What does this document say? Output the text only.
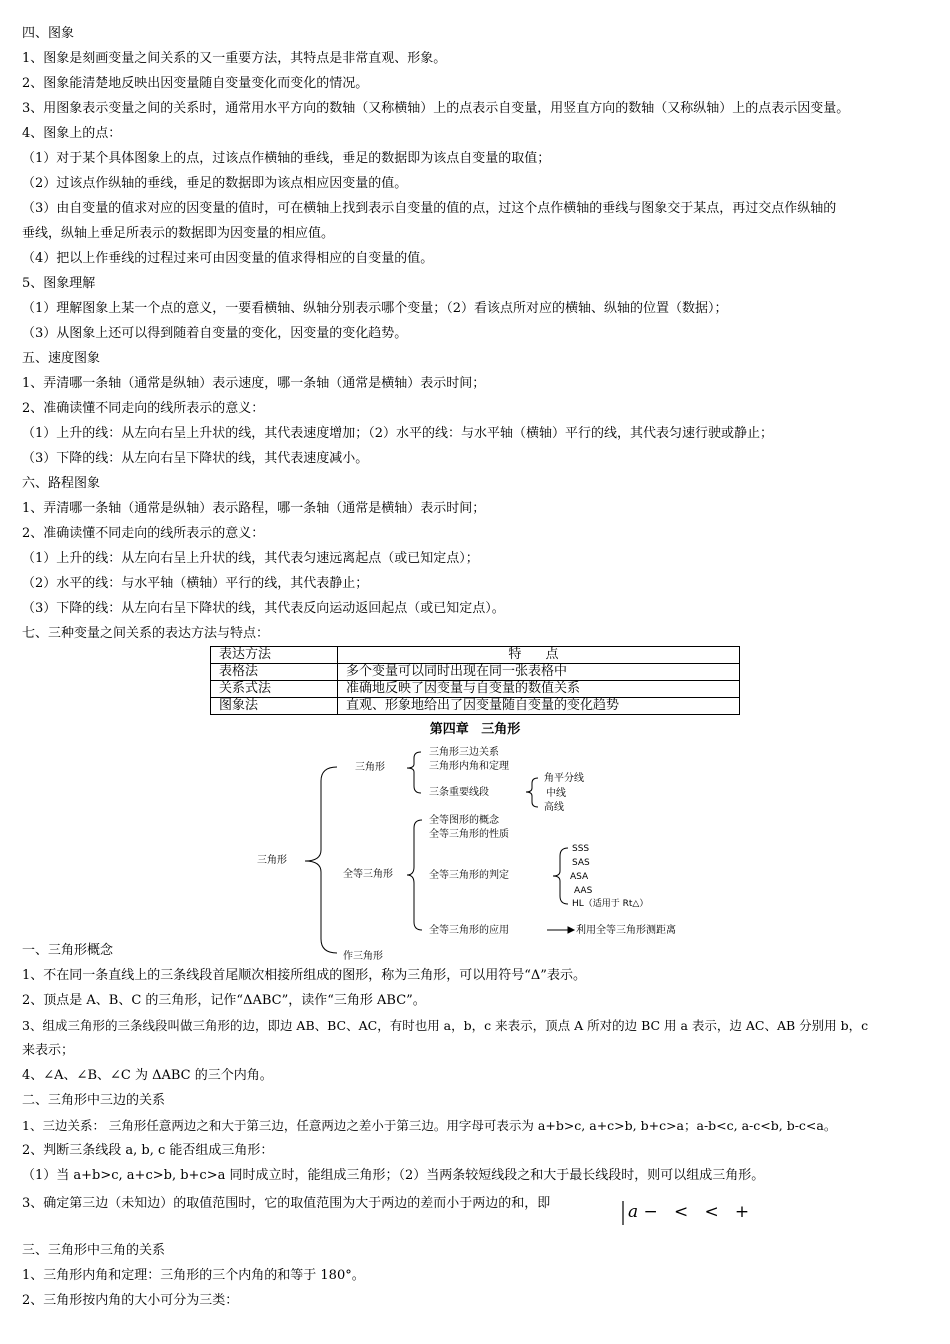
四、图象
1、图象是刻画变量之间关系的又一重要方法，其特点是非常直观、形象。
2、图象能清楚地反映出因变量随自变量变化而变化的情况。
3、用图象表示变量之间的关系时，通常用水平方向的数轴（又称横轴）上的点表示自变量，用竖直方向的数轴（又称纵轴）上的点表示因变量。
4、图象上的点：
（1）对于某个具体图象上的点，过该点作横轴的垂线，垂足的数据即为该点自变量的取值；
（2）过该点作纵轴的垂线，垂足的数据即为该点相应因变量的值。
（3）由自变量的值求对应的因变量的值时，可在横轴上找到表示自变量的值的点，过这个点作横轴的垂线与图象交于某点，再过交点作纵轴的
垂线，纵轴上垂足所表示的数据即为因变量的相应值。
（4）把以上作垂线的过程过来可由因变量的值求得相应的自变量的值。
5、图象理解
（1）理解图象上某一个点的意义，一要看横轴、纵轴分别表示哪个变量；（2）看该点所对应的横轴、纵轴的位置（数据）；
（3）从图象上还可以得到随着自变量的变化，因变量的变化趋势。
五、速度图象
1、弄清哪一条轴（通常是纵轴）表示速度，哪一条轴（通常是横轴）表示时间；
2、准确读懂不同走向的线所表示的意义：
（1）上升的线：从左向右呈上升状的线，其代表速度增加；（2）水平的线：与水平轴（横轴）平行的线，其代表匀速行驶或静止；
（3）下降的线：从左向右呈下降状的线，其代表速度减小。
六、路程图象
1、弄清哪一条轴（通常是纵轴）表示路程，哪一条轴（通常是横轴）表示时间；
2、准确读懂不同走向的线所表示的意义：
（1）上升的线：从左向右呈上升状的线，其代表匀速远离起点（或已知定点）；
（2）水平的线：与水平轴（横轴）平行的线，其代表静止；
（3）下降的线：从左向右呈下降状的线，其代表反向运动返回起点（或已知定点）。
七、三种变量之间关系的表达方法与特点：
表达方法	特 点
表格法	多个变量可以同时出现在同一张表格中
关系式法	准确地反映了因变量与自变量的数值关系
图象法	直观、形象地给出了因变量随自变量的变化趋势
第四章 三角形
三角形
三角形
三角形三边关系
三角形内角和定理
三条重要线段
角平分线
中线
高线
全等三角形
全等图形的概念
全等三角形的性质
全等三角形的判定
SSS
SAS
ASA
AAS
HL（适用于 Rt△）
全等三角形的应用	利用全等三角形测距离
作三角形
一、三角形概念
1、不在同一条直线上的三条线段首尾顺次相接所组成的图形，称为三角形，可以用符号“Δ”表示。
2、顶点是 A、B、C 的三角形，记作“ΔABC”，读作“三角形 ABC”。
3、组成三角形的三条线段叫做三角形的边，即边 AB、BC、AC，有时也用 a，b，c 来表示，顶点 A 所对的边 BC 用 a 表示，边 AC、AB 分别用 b，c
来表示；
4、∠A、∠B、∠C 为 ΔABC 的三个内角。
二、三角形中三边的关系
1、三边关系： 三角形任意两边之和大于第三边，任意两边之差小于第三边。用字母可表示为 a+b>c, a+c>b, b+c>a；a-b<c, a-c<b, b-c<a。
2、判断三条线段 a, b, c 能否组成三角形：
（1）当 a+b>c, a+c>b, b+c>a 同时成立时，能组成三角形；（2）当两条较短线段之和大于最长线段时，则可以组成三角形。
3、确定第三边（未知边）的取值范围时，它的取值范围为大于两边的差而小于两边的和，即	a −   <   <   +
三、三角形中三角的关系
1、三角形内角和定理：三角形的三个内角的和等于 180°。
2、三角形按内角的大小可分为三类：
